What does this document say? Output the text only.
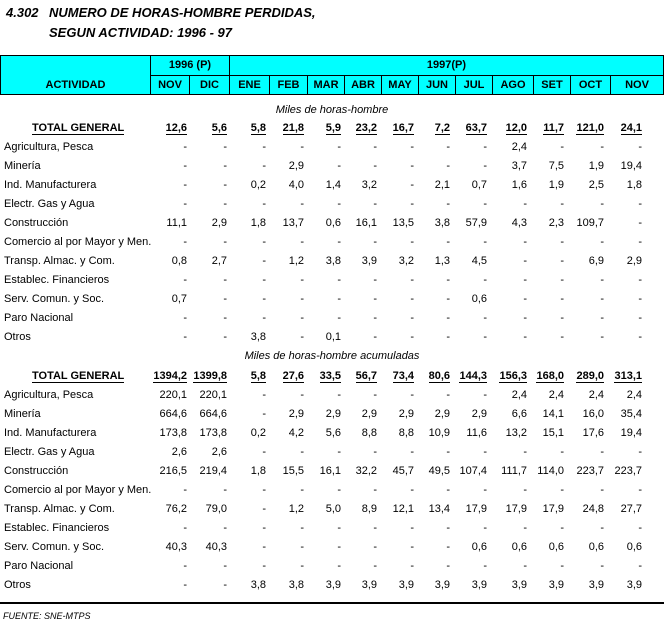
4.302 NUMERO DE HORAS-HOMBRE PERDIDAS,
SEGUN ACTIVIDAD: 1996 - 97
ACTIVIDAD
1996 (P)	1997(P)
NOV	DIC	ENE	FEB	MAR	ABR	MAY	JUN	JUL	AGO	SET	OCT	NOV
Miles de horas-hombre
TOTAL GENERAL	12,6	5,6	5,8	21,8	5,9	23,2	16,7	7,2	63,7	12,0	11,7	121,0	24,1
Agricultura, Pesca	-	-	-	-	-	-	-	-	-	2,4	-	-	-
Minería	-	-	-	2,9	-	-	-	-	-	3,7	7,5	1,9	19,4
Ind. Manufacturera	-	-	0,2	4,0	1,4	3,2	-	2,1	0,7	1,6	1,9	2,5	1,8
Electr. Gas y Agua	-	-	-	-	-	-	-	-	-	-	-	-	-
Construcción	11,1	2,9	1,8	13,7	0,6	16,1	13,5	3,8	57,9	4,3	2,3	109,7	-
Comercio al por Mayor y Men.	-	-	-	-	-	-	-	-	-	-	-	-	-
Transp. Almac. y Com.	0,8	2,7	-	1,2	3,8	3,9	3,2	1,3	4,5	-	-	6,9	2,9
Establec. Financieros	-	-	-	-	-	-	-	-	-	-	-	-	-
Serv. Comun. y Soc.	0,7	-	-	-	-	-	-	-	0,6	-	-	-	-
Paro Nacional	-	-	-	-	-	-	-	-	-	-	-	-	-
Otros	-	-	3,8	-	0,1	-	-	-	-	-	-	-	-
Miles de horas-hombre acumuladas
TOTAL GENERAL	1394,2	1399,8	5,8	27,6	33,5	56,7	73,4	80,6	144,3	156,3	168,0	289,0	313,1
Agricultura, Pesca	220,1	220,1	-	-	-	-	-	-	-	2,4	2,4	2,4	2,4
Minería	664,6	664,6	-	2,9	2,9	2,9	2,9	2,9	2,9	6,6	14,1	16,0	35,4
Ind. Manufacturera	173,8	173,8	0,2	4,2	5,6	8,8	8,8	10,9	11,6	13,2	15,1	17,6	19,4
Electr. Gas y Agua	2,6	2,6	-	-	-	-	-	-	-	-	-	-	-
Construcción	216,5	219,4	1,8	15,5	16,1	32,2	45,7	49,5	107,4	111,7	114,0	223,7	223,7
Comercio al por Mayor y Men.	-	-	-	-	-	-	-	-	-	-	-	-	-
Transp. Almac. y Com.	76,2	79,0	-	1,2	5,0	8,9	12,1	13,4	17,9	17,9	17,9	24,8	27,7
Establec. Financieros	-	-	-	-	-	-	-	-	-	-	-	-	-
Serv. Comun. y Soc.	40,3	40,3	-	-	-	-	-	-	0,6	0,6	0,6	0,6	0,6
Paro Nacional	-	-	-	-	-	-	-	-	-	-	-	-	-
Otros	-	-	3,8	3,8	3,9	3,9	3,9	3,9	3,9	3,9	3,9	3,9	3,9
FUENTE: SNE-MTPS
